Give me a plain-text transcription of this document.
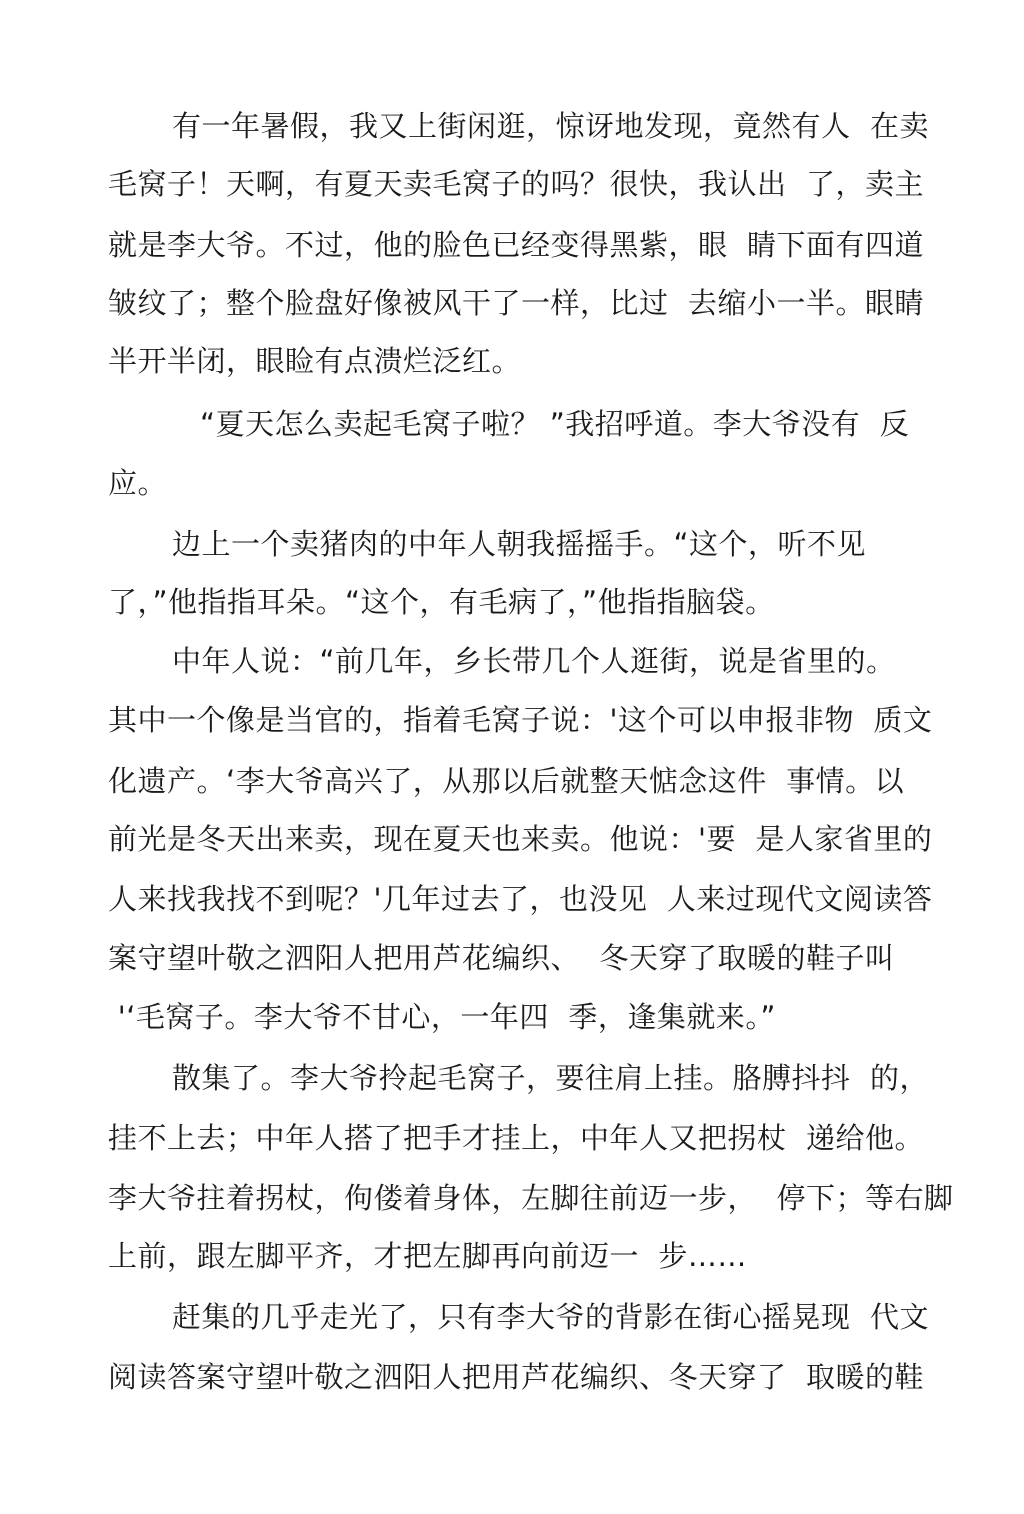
有一年暑假，我又上街闲逛，惊讶地发现，竟然有人  在卖
毛窝子！天啊，有夏天卖毛窝子的吗？很快，我认出  了，卖主
就是李大爷。不过，他的脸色已经变得黑紫，眼  睛下面有四道
皱纹了；整个脸盘好像被风干了一样，比过  去缩小一半。眼睛
半开半闭，眼睑有点溃烂泛红。
“夏天怎么卖起毛窝子啦？ ”我招呼道。李大爷没有  反
应。
边上一个卖猪肉的中年人朝我摇摇手。“这个，听不见
了，”他指指耳朵。“这个，有毛病了，”他指指脑袋。
中年人说：“前几年，乡长带几个人逛街，说是省里的。
其中一个像是当官的，指着毛窝子说：'这个可以申报非物  质文
化遗产。‘李大爷高兴了，从那以后就整天惦念这件  事情。以
前光是冬天出来卖，现在夏天也来卖。他说：'要  是人家省里的
人来找我找不到呢？'几年过去了，也没见  人来过现代文阅读答
案守望叶敬之泗阳人把用芦花编织、  冬天穿了取暖的鞋子叫
'‘毛窝子。李大爷不甘心，一年四  季，逢集就来。”
散集了。李大爷拎起毛窝子，要往肩上挂。胳膊抖抖  的，
挂不上去；中年人搭了把手才挂上，中年人又把拐杖  递给他。
李大爷拄着拐杖，佝偻着身体，左脚往前迈一步，  停下；等右脚
上前，跟左脚平齐，才把左脚再向前迈一  步……
赶集的几乎走光了，只有李大爷的背影在街心摇晃现  代文
阅读答案守望叶敬之泗阳人把用芦花编织、冬天穿了  取暖的鞋
